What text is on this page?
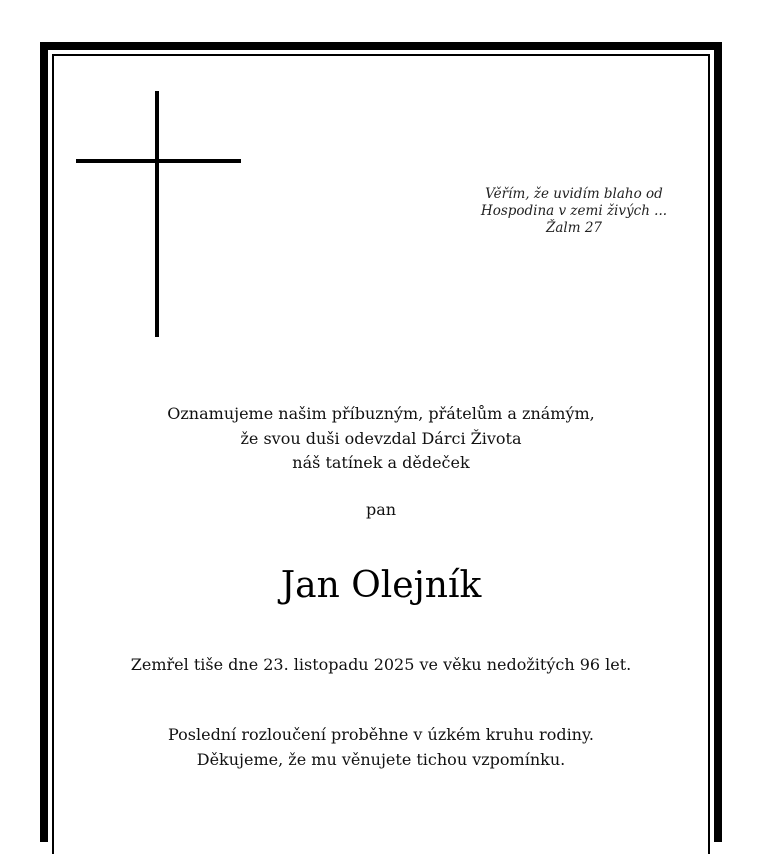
Věřím, že uvidím blaho od
Hospodina v zemi živých ...
Žalm 27
Oznamujeme našim příbuzným, přátelům a známým,
že svou duši odevzdal Dárci Života
náš tatínek a dědeček
pan
Jan Olejník
Zemřel tiše dne 23. listopadu 2025 ve věku nedožitých 96 let.
Poslední rozloučení proběhne v úzkém kruhu rodiny.
Děkujeme, že mu věnujete tichou vzpomínku.
